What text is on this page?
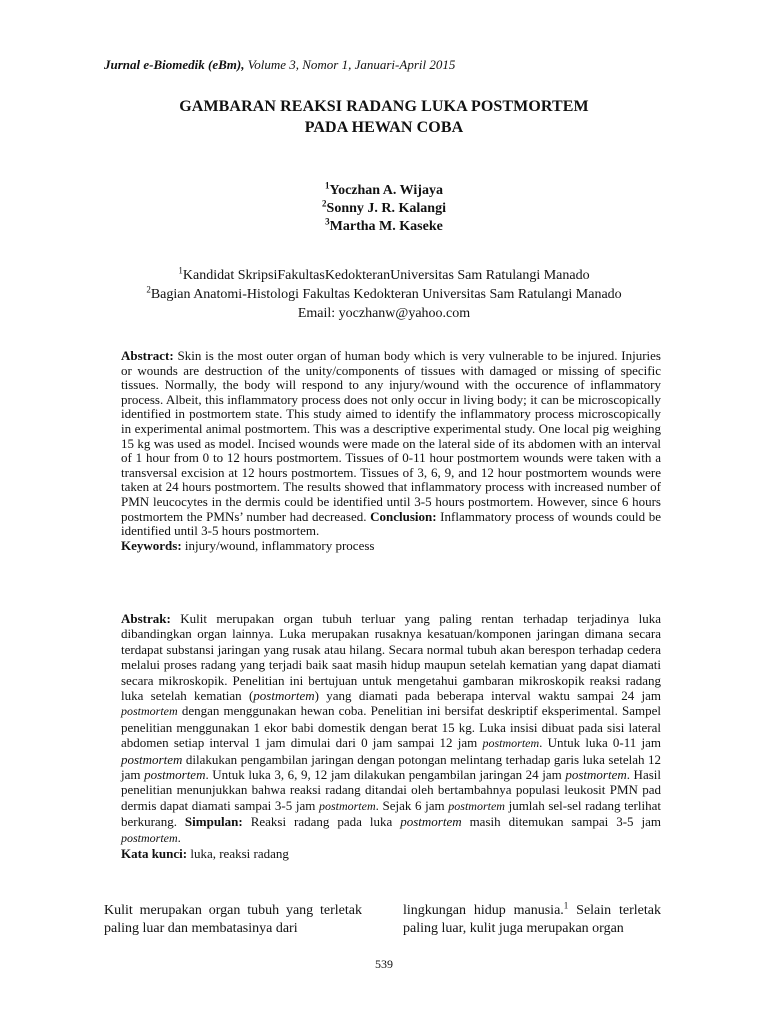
Jurnal e-Biomedik (eBm), Volume 3, Nomor 1, Januari-April 2015
GAMBARAN REAKSI RADANG LUKA POSTMORTEM
PADA HEWAN COBA
$^1$Yoczhan A. Wijaya
$^2$Sonny J. R. Kalangi
$^3$Martha M. Kaseke
$^1$Kandidat SkripsiFakultasKedokteranUniversitas Sam Ratulangi Manado
$^2$Bagian Anatomi-Histologi Fakultas Kedokteran Universitas Sam Ratulangi Manado
Email: yoczhanw@yahoo.com
Abstract: Skin is the most outer organ of human body which is very vulnerable to be injured. Injuries or wounds are destruction of the unity/components of tissues with damaged or missing of specific tissues. Normally, the body will respond to any injury/wound with the occurence of inflammatory process. Albeit, this inflammatory process does not only occur in living body; it can be microscopically identified in postmortem state. This study aimed to identify the inflammatory process microscopically in experimental animal postmortem. This was a descriptive experimental study. One local pig weighing 15 kg was used as model. Incised wounds were made on the lateral side of its abdomen with an interval of 1 hour from 0 to 12 hours postmortem. Tissues of 0-11 hour postmortem wounds were taken with a transversal excision at 12 hours postmortem. Tissues of 3, 6, 9, and 12 hour postmortem wounds were taken at 24 hours postmortem. The results showed that inflammatory process with increased number of PMN leucocytes in the dermis could be identified until 3-5 hours postmortem. However, since 6 hours postmortem the PMNs’ number had decreased. Conclusion: Inflammatory process of wounds could be identified until 3-5 hours postmortem.
Keywords: injury/wound, inflammatory process
Abstrak: Kulit merupakan organ tubuh terluar yang paling rentan terhadap terjadinya luka dibandingkan organ lainnya. Luka merupakan rusaknya kesatuan/komponen jaringan dimana secara terdapat substansi jaringan yang rusak atau hilang. Secara normal tubuh akan berespon terhadap cedera melalui proses radang yang terjadi baik saat masih hidup maupun setelah kematian yang dapat diamati secara mikroskopik. Penelitian ini bertujuan untuk mengetahui gambaran mikroskopik reaksi radang luka setelah kematian (postmortem) yang diamati pada beberapa interval waktu sampai 24 jam postmortem dengan menggunakan hewan coba. Penelitian ini bersifat deskriptif eksperimental. Sampel penelitian menggunakan 1 ekor babi domestik dengan berat 15 kg. Luka insisi dibuat pada sisi lateral abdomen setiap interval 1 jam dimulai dari 0 jam sampai 12 jam postmortem. Untuk luka 0-11 jam postmortem dilakukan pengambilan jaringan dengan potongan melintang terhadap garis luka setelah 12 jam postmortem. Untuk luka 3, 6, 9, 12 jam dilakukan pengambilan jaringan 24 jam postmortem. Hasil penelitian menunjukkan bahwa reaksi radang ditandai oleh bertambahnya populasi leukosit PMN pad dermis dapat diamati sampai 3-5 jam postmortem. Sejak 6 jam postmortem jumlah sel-sel radang terlihat berkurang. Simpulan: Reaksi radang pada luka postmortem masih ditemukan sampai 3-5 jam postmortem.
Kata kunci: luka, reaksi radang
Kulit merupakan organ tubuh yang terletak paling luar dan membatasinya dari
lingkungan hidup manusia.$^1$ Selain terletak paling luar, kulit juga merupakan organ
539
